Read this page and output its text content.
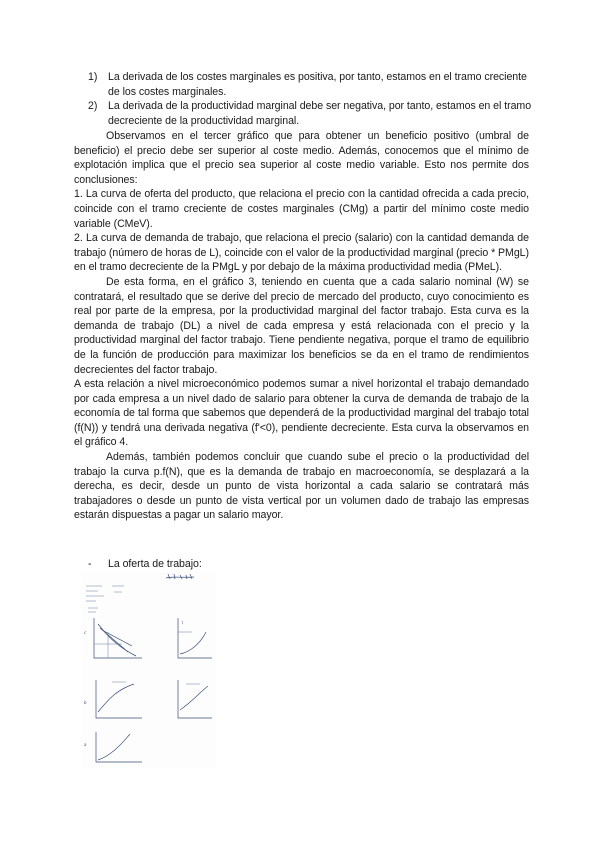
1) La derivada de los costes marginales es positiva, por tanto, estamos en el tramo creciente de los costes marginales.
2) La derivada de la productividad marginal debe ser negativa, por tanto, estamos en el tramo decreciente de la productividad marginal.

Observamos en el tercer gráfico que para obtener un beneficio positivo (umbral de beneficio) el precio debe ser superior al coste medio. Además, conocemos que el mínimo de explotación implica que el precio sea superior al coste medio variable. Esto nos permite dos conclusiones:

1. La curva de oferta del producto, que relaciona el precio con la cantidad ofrecida a cada precio, coincide con el tramo creciente de costes marginales (CMg) a partir del mínimo coste medio variable (CMeV).

2. La curva de demanda de trabajo, que relaciona el precio (salario) con la cantidad demanda de trabajo (número de horas de L), coincide con el valor de la productividad marginal (precio * PMgL) en el tramo decreciente de la PMgL y por debajo de la máxima productividad media (PMeL).

De esta forma, en el gráfico 3, teniendo en cuenta que a cada salario nominal (W) se contratará, el resultado que se derive del precio de mercado del producto, cuyo conocimiento es real por parte de la empresa, por la productividad marginal del factor trabajo. Esta curva es la demanda de trabajo (DL) a nivel de cada empresa y está relacionada con el precio y la productividad marginal del factor trabajo. Tiene pendiente negativa, porque el tramo de equilibrio de la función de producción para maximizar los beneficios se da en el tramo de rendimientos decrecientes del factor trabajo.

A esta relación a nivel microeconómico podemos sumar a nivel horizontal el trabajo demandado por cada empresa a un nivel dado de salario para obtener la curva de demanda de trabajo de la economía de tal forma que sabemos que dependerá de la productividad marginal del trabajo total (f(N)) y tendrá una derivada negativa (f'<0), pendiente decreciente. Esta curva la observamos en el gráfico 4.

Además, también podemos concluir que cuando sube el precio o la productividad del trabajo la curva p.f(N), que es la demanda de trabajo en macroeconomía, se desplazará a la derecha, es decir, desde un punto de vista horizontal a cada salario se contratará más trabajadores o desde un punto de vista vertical por un volumen dado de trabajo las empresas estarán dispuestas a pagar un salario mayor.

- La oferta de trabajo:
c
l
b
a
